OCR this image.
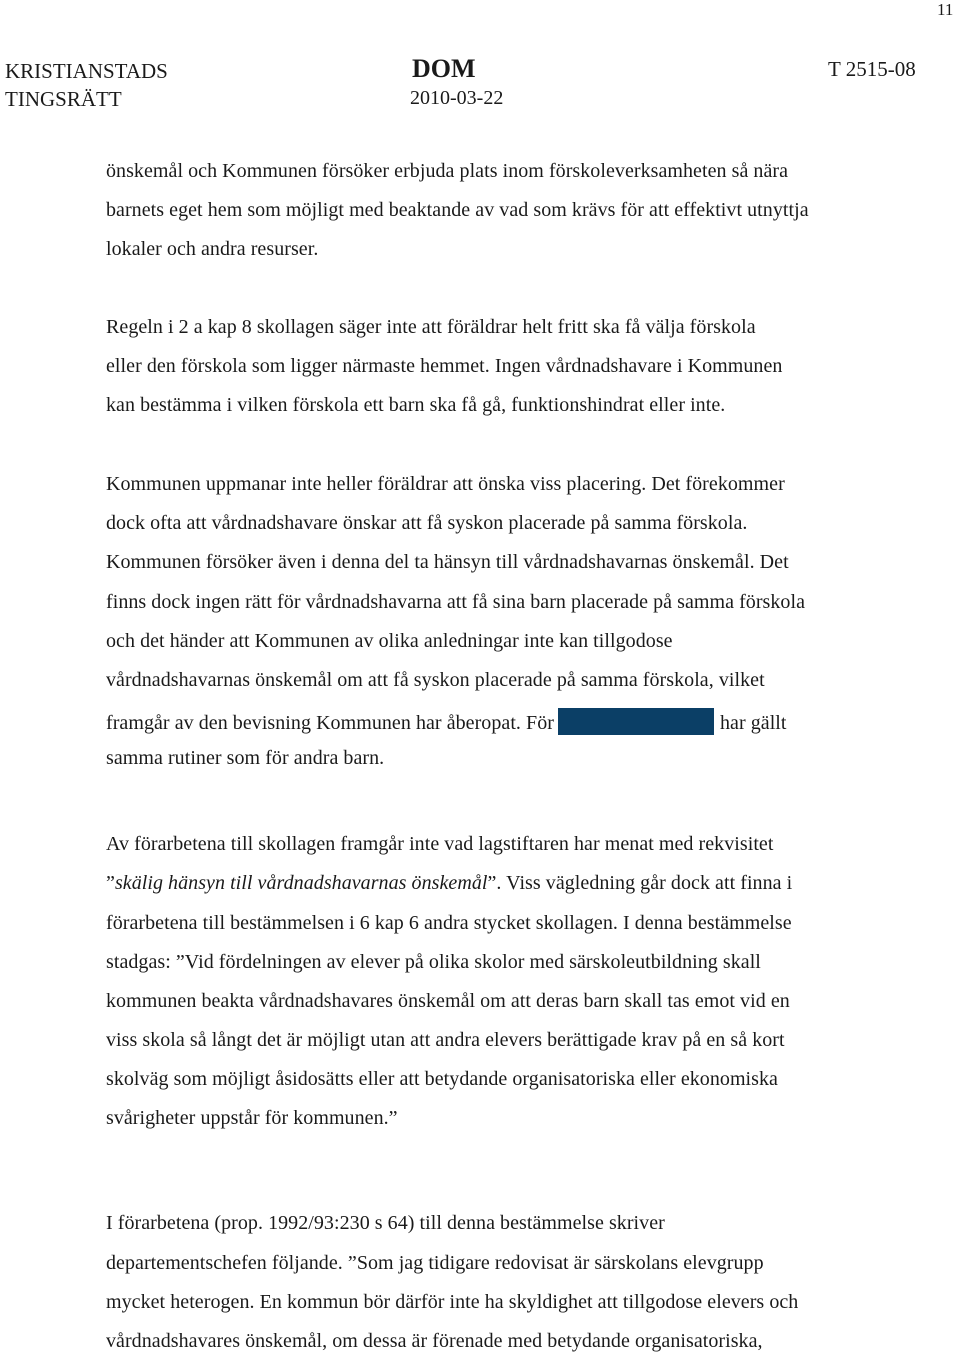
11
KRISTIANSTADS
TINGSRÄTT
DOM
2010-03-22
T 2515-08
önskemål och Kommunen försöker erbjuda plats inom förskoleverksamheten så nära
barnets eget hem som möjligt med beaktande av vad som krävs för att effektivt utnyttja
lokaler och andra resurser.
Regeln i 2 a kap 8 skollagen säger inte att föräldrar helt fritt ska få välja förskola
eller den förskola som ligger närmaste hemmet. Ingen vårdnadshavare i Kommunen
kan bestämma i vilken förskola ett barn ska få gå, funktionshindrat eller inte.
Kommunen uppmanar inte heller föräldrar att önska viss placering. Det förekommer
dock ofta att vårdnadshavare önskar att få syskon placerade på samma förskola.
Kommunen försöker även i denna del ta hänsyn till vårdnadshavarnas önskemål. Det
finns dock ingen rätt för vårdnadshavarna att få sina barn placerade på samma förskola
och det händer att Kommunen av olika anledningar inte kan tillgodose
vårdnadshavarnas önskemål om att få syskon placerade på samma förskola, vilket
framgår av den bevisning Kommunen har åberopat. För	har gällt
samma rutiner som för andra barn.
Av förarbetena till skollagen framgår inte vad lagstiftaren har menat med rekvisitet
”skälig hänsyn till vårdnadshavarnas önskemål”. Viss vägledning går dock att finna i
förarbetena till bestämmelsen i 6 kap 6 andra stycket skollagen. I denna bestämmelse
stadgas: ”Vid fördelningen av elever på olika skolor med särskoleutbildning skall
kommunen beakta vårdnadshavares önskemål om att deras barn skall tas emot vid en
viss skola så långt det är möjligt utan att andra elevers berättigade krav på en så kort
skolväg som möjligt åsidosätts eller att betydande organisatoriska eller ekonomiska
svårigheter uppstår för kommunen.”
I förarbetena (prop. 1992/93:230 s 64) till denna bestämmelse skriver
departementschefen följande. ”Som jag tidigare redovisat är särskolans elevgrupp
mycket heterogen. En kommun bör därför inte ha skyldighet att tillgodose elevers och
vårdnadshavares önskemål, om dessa är förenade med betydande organisatoriska,
